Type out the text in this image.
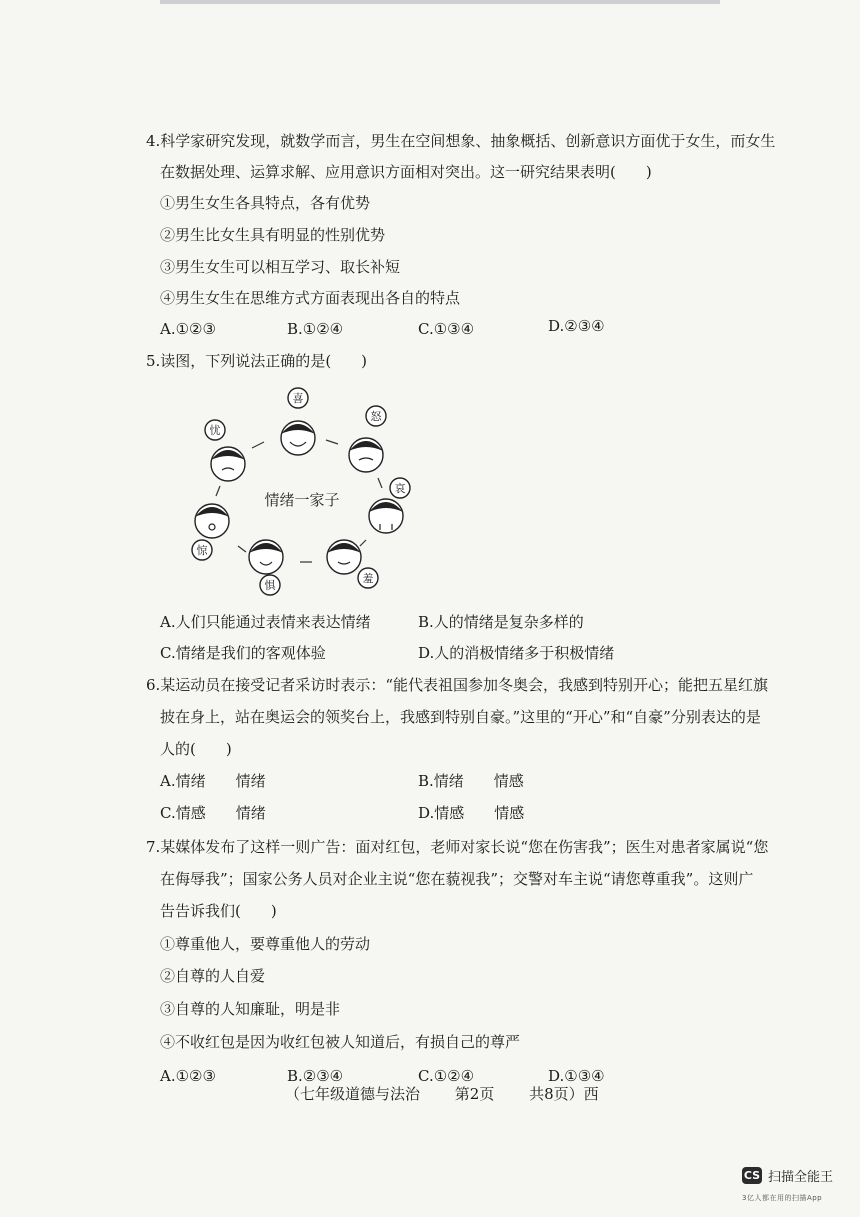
4.科学家研究发现，就数学而言，男生在空间想象、抽象概括、创新意识方面优于女生，而女生
在数据处理、运算求解、应用意识方面相对突出。这一研究结果表明(　　)
①男生女生各具特点，各有优势
②男生比女生具有明显的性别优势
③男生女生可以相互学习、取长补短
④男生女生在思维方式方面表现出各自的特点
A.①②③	B.①②④	C.①③④	D.②③④
5.读图，下列说法正确的是(　　)
喜
怒
哀
羞
惧
惊
忧
情绪一家子
A.人们只能通过表情来表达情绪	B.人的情绪是复杂多样的
C.情绪是我们的客观体验	D.人的消极情绪多于积极情绪
6.某运动员在接受记者采访时表示：“能代表祖国参加冬奥会，我感到特别开心；能把五星红旗
披在身上，站在奥运会的领奖台上，我感到特别自豪。”这里的“开心”和“自豪”分别表达的是
人的(　　)
A.情绪　　情绪	B.情绪　　情感
C.情感　　情绪	D.情感　　情感
7.某媒体发布了这样一则广告：面对红包，老师对家长说“您在伤害我”；医生对患者家属说“您
在侮辱我”；国家公务人员对企业主说“您在藐视我”；交警对车主说“请您尊重我”。这则广
告告诉我们(　　)
①尊重他人，要尊重他人的劳动
②自尊的人自爱
③自尊的人知廉耻，明是非
④不收红包是因为收红包被人知道后，有损自己的尊严
A.①②③	B.②③④	C.①②④	D.①③④
（七年级道德与法治 第2页 共8页）西
CS 扫描全能王
3亿人都在用的扫描App
